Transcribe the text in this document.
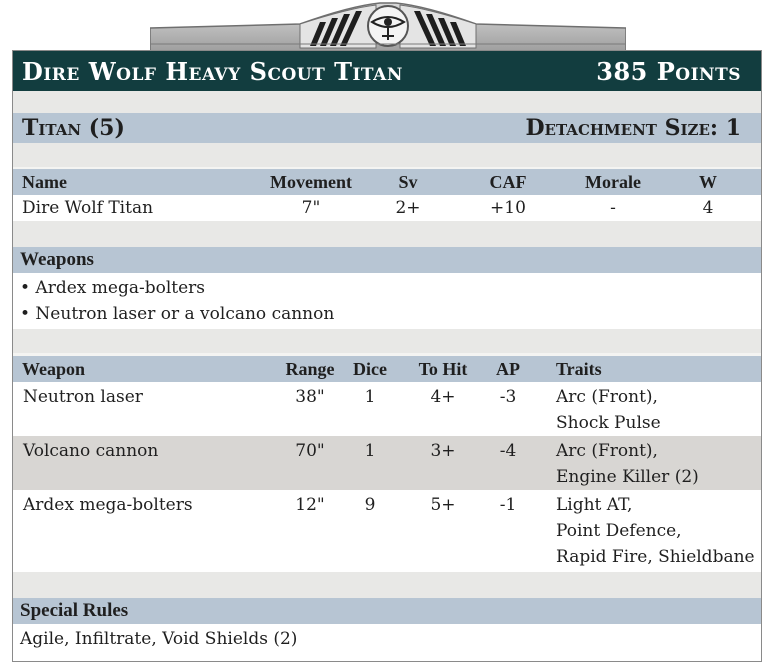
Dire Wolf Heavy Scout Titan	385 Points
Titan (5)	Detachment Size: 1
Name	Movement	Sv	CAF	Morale	W
Dire Wolf Titan	7"	2+	+10	-	4
Weapons
• Ardex mega-bolters
• Neutron laser or a volcano cannon
Weapon	Range	Dice	To Hit	AP	Traits
Neutron laser	38"	1	4+	-3	Arc (Front),
Shock Pulse
Volcano cannon	70"	1	3+	-4	Arc (Front),
Engine Killer (2)
Ardex mega-bolters	12"	9	5+	-1	Light AT,
Point Defence,
Rapid Fire, Shieldbane
Special Rules
Agile, Infiltrate, Void Shields (2)
